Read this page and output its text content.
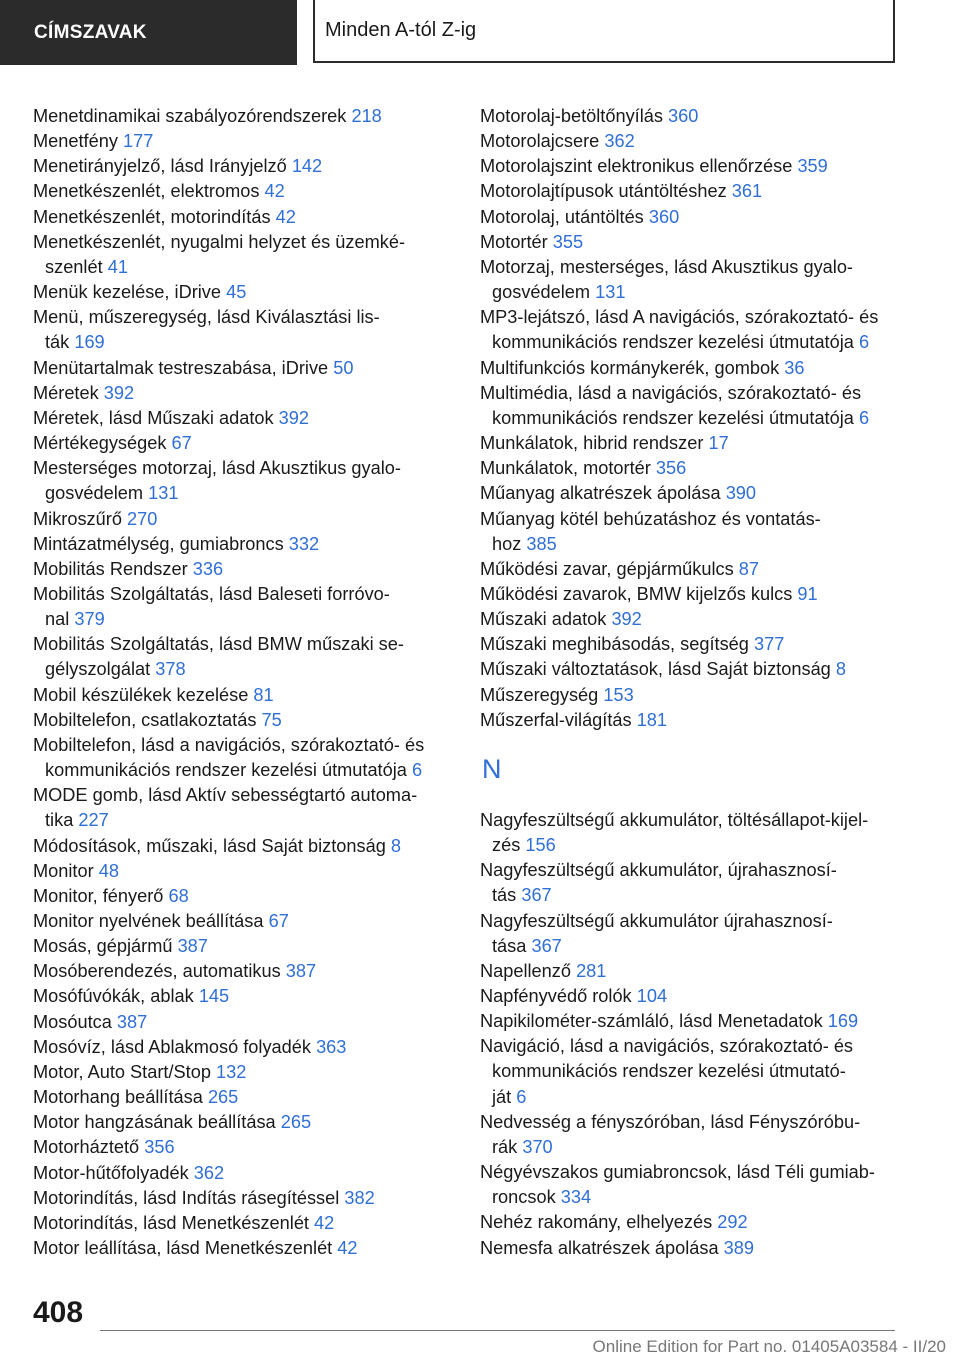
CÍMSZAVAK	Minden A-tól Z-ig
Menetdinamikai szabályozórendszerek 218
Menetfény 177
Menetirányjelző, lásd Irányjelző 142
Menetkészenlét, elektromos 42
Menetkészenlét, motorindítás 42
Menetkészenlét, nyugalmi helyzet és üzemké-
szenlét 41
Menük kezelése, iDrive 45
Menü, műszeregység, lásd Kiválasztási lis-
ták 169
Menütartalmak testreszabása, iDrive 50
Méretek 392
Méretek, lásd Műszaki adatok 392
Mértékegységek 67
Mesterséges motorzaj, lásd Akusztikus gyalo-
gosvédelem 131
Mikroszűrő 270
Mintázatmélység, gumiabroncs 332
Mobilitás Rendszer 336
Mobilitás Szolgáltatás, lásd Baleseti forróvo-
nal 379
Mobilitás Szolgáltatás, lásd BMW műszaki se-
gélyszolgálat 378
Mobil készülékek kezelése 81
Mobiltelefon, csatlakoztatás 75
Mobiltelefon, lásd a navigációs, szórakoztató- és
kommunikációs rendszer kezelési útmutatója 6
MODE gomb, lásd Aktív sebességtartó automa-
tika 227
Módosítások, műszaki, lásd Saját biztonság 8
Monitor 48
Monitor, fényerő 68
Monitor nyelvének beállítása 67
Mosás, gépjármű 387
Mosóberendezés, automatikus 387
Mosófúvókák, ablak 145
Mosóutca 387
Mosóvíz, lásd Ablakmosó folyadék 363
Motor, Auto Start/Stop 132
Motorhang beállítása 265
Motor hangzásának beállítása 265
Motorháztető 356
Motor-hűtőfolyadék 362
Motorindítás, lásd Indítás rásegítéssel 382
Motorindítás, lásd Menetkészenlét 42
Motor leállítása, lásd Menetkészenlét 42
Motorolaj-betöltőnyílás 360
Motorolajcsere 362
Motorolajszint elektronikus ellenőrzése 359
Motorolajtípusok utántöltéshez 361
Motorolaj, utántöltés 360
Motortér 355
Motorzaj, mesterséges, lásd Akusztikus gyalo-
gosvédelem 131
MP3-lejátszó, lásd A navigációs, szórakoztató- és
kommunikációs rendszer kezelési útmutatója 6
Multifunkciós kormánykerék, gombok 36
Multimédia, lásd a navigációs, szórakoztató- és
kommunikációs rendszer kezelési útmutatója 6
Munkálatok, hibrid rendszer 17
Munkálatok, motortér 356
Műanyag alkatrészek ápolása 390
Műanyag kötél behúzatáshoz és vontatás-
hoz 385
Működési zavar, gépjárműkulcs 87
Működési zavarok, BMW kijelzős kulcs 91
Műszaki adatok 392
Műszaki meghibásodás, segítség 377
Műszaki változtatások, lásd Saját biztonság 8
Műszeregység 153
Műszerfal-világítás 181
N
Nagyfeszültségű akkumulátor, töltésállapot-kijel-
zés 156
Nagyfeszültségű akkumulátor, újrahasznosí-
tás 367
Nagyfeszültségű akkumulátor újrahasznosí-
tása 367
Napellenző 281
Napfényvédő rolók 104
Napikilométer-számláló, lásd Menetadatok 169
Navigáció, lásd a navigációs, szórakoztató- és
kommunikációs rendszer kezelési útmutató-
ját 6
Nedvesség a fényszóróban, lásd Fényszóróbu-
rák 370
Négyévszakos gumiabroncsok, lásd Téli gumiab-
roncsok 334
Nehéz rakomány, elhelyezés 292
Nemesfa alkatrészek ápolása 389
408
Online Edition for Part no. 01405A03584 - II/20
